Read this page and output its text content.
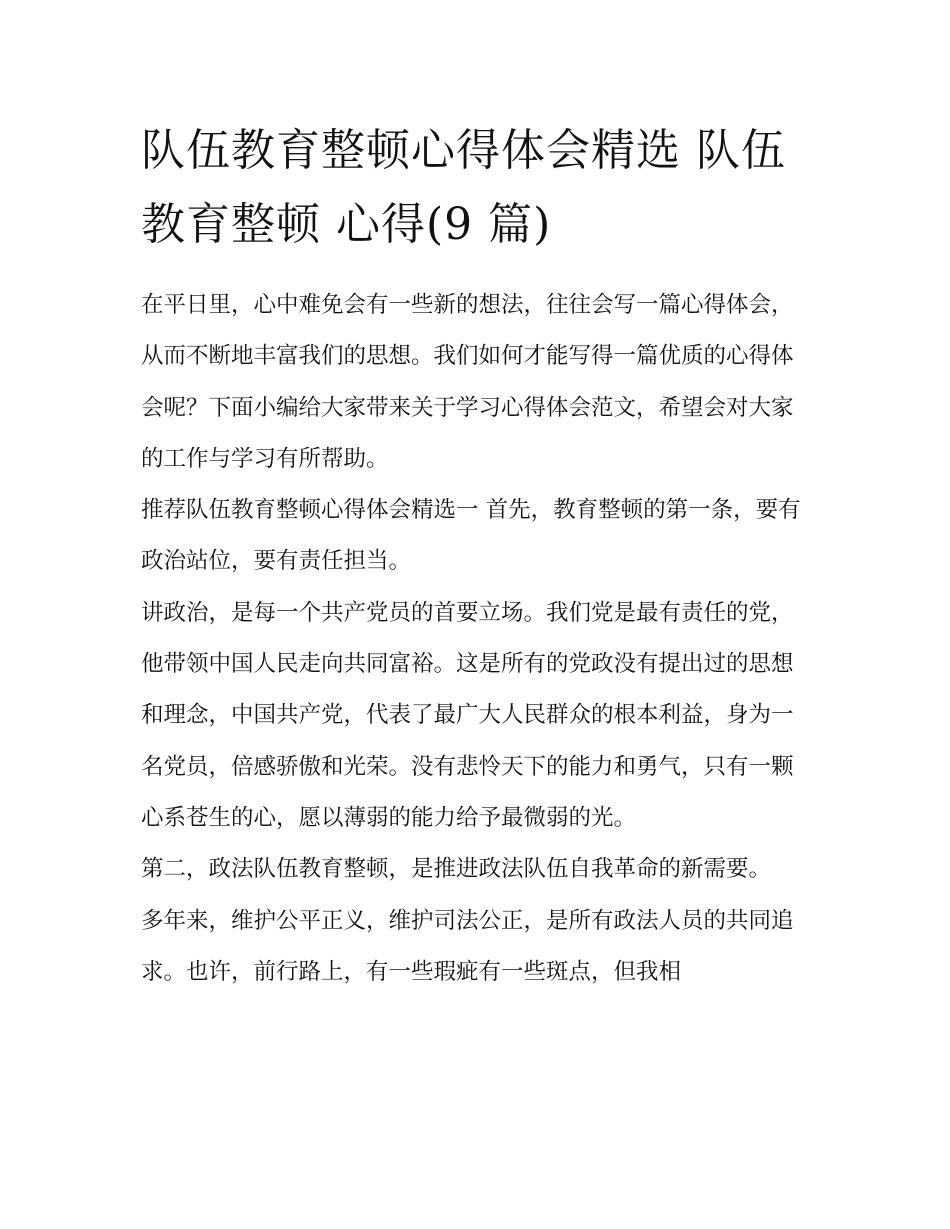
队伍教育整顿心得体会精选 队伍教育整顿 心得(9 篇)

在平日里，心中难免会有一些新的想法，往往会写一篇心得体会，从而不断地丰富我们的思想。我们如何才能写得一篇优质的心得体会呢？下面小编给大家带来关于学习心得体会范文，希望会对大家的工作与学习有所帮助。

推荐队伍教育整顿心得体会精选一 首先，教育整顿的第一条，要有政治站位，要有责任担当。

讲政治，是每一个共产党员的首要立场。我们党是最有责任的党，他带领中国人民走向共同富裕。这是所有的党政没有提出过的思想和理念，中国共产党，代表了最广大人民群众的根本利益，身为一名党员，倍感骄傲和光荣。没有悲怜天下的能力和勇气，只有一颗心系苍生的心，愿以薄弱的能力给予最微弱的光。

第二，政法队伍教育整顿，是推进政法队伍自我革命的新需要。

多年来，维护公平正义，维护司法公正，是所有政法人员的共同追求。也许，前行路上，有一些瑕疵有一些斑点，但我相
